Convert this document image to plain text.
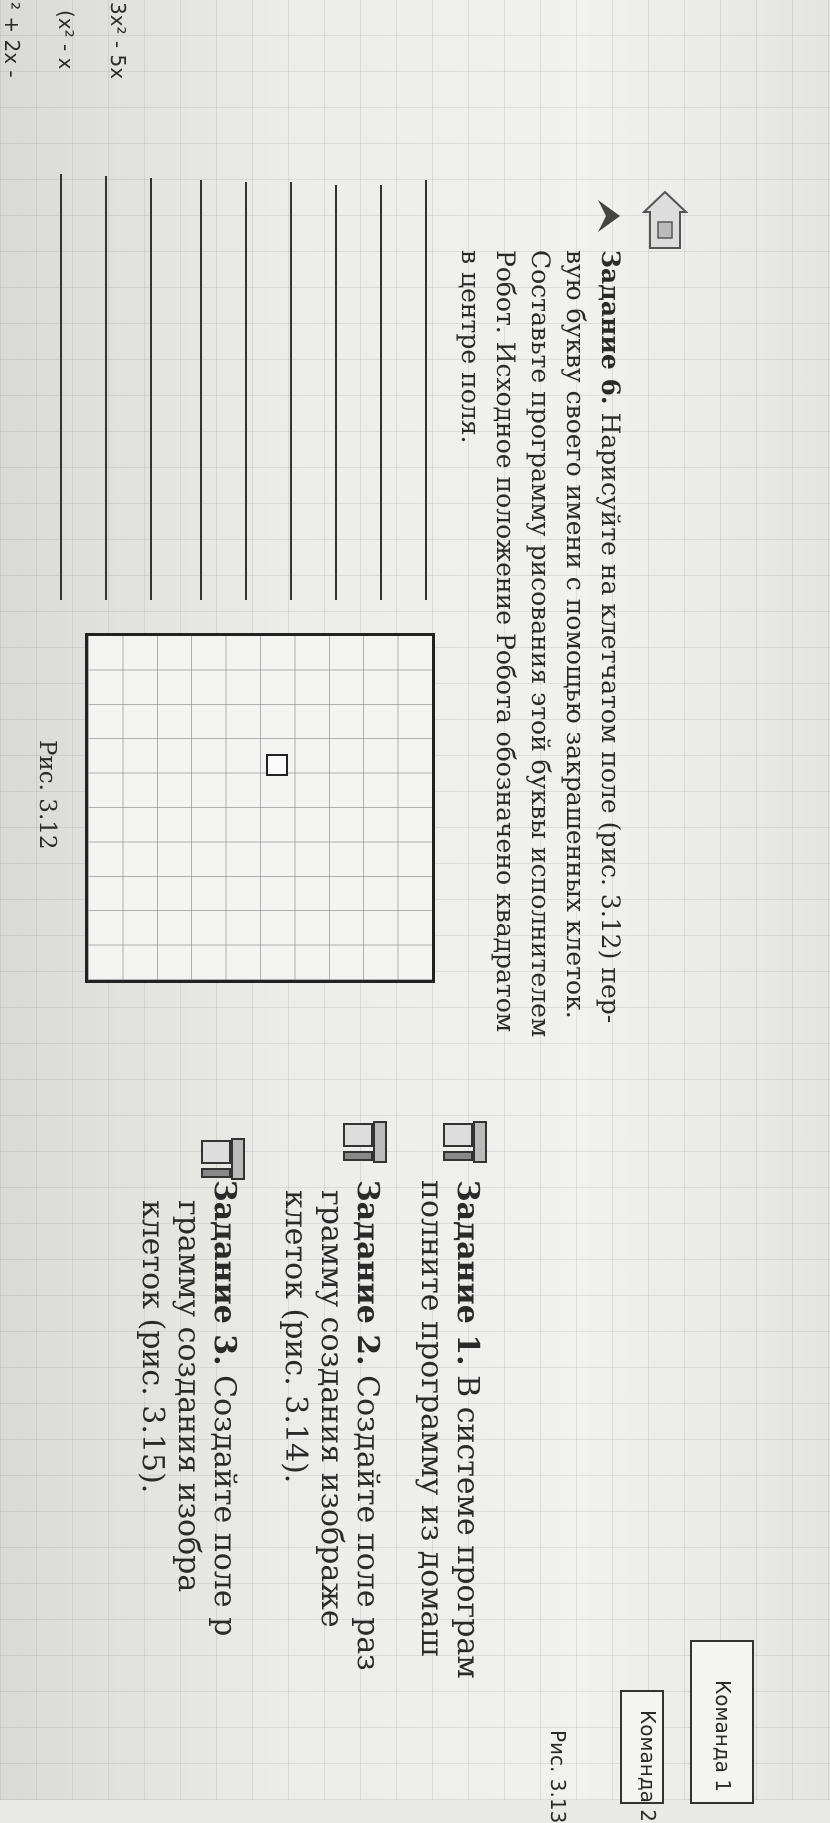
3x² - 5x
(x² - x
² + 2x -
Задание 6. Нарисуйте на клетчатом поле (рис. 3.12) пер-
вую букву своего имени с помощью закрашенных клеток.
Составьте программу рисования этой буквы исполнителем
Робот. Исходное положение Робота обозначено квадратом
в центре поля.
Рис. 3.12
Команда 1
Команда 2
Рис. 3.13
Задание 1. В системе програм
полните программу из домаш
Задание 2. Создайте поле раз
грамму создания изображе
клеток (рис. 3.14).
Задание 3. Создайте поле р
грамму создания изобра
клеток (рис. 3.15).
